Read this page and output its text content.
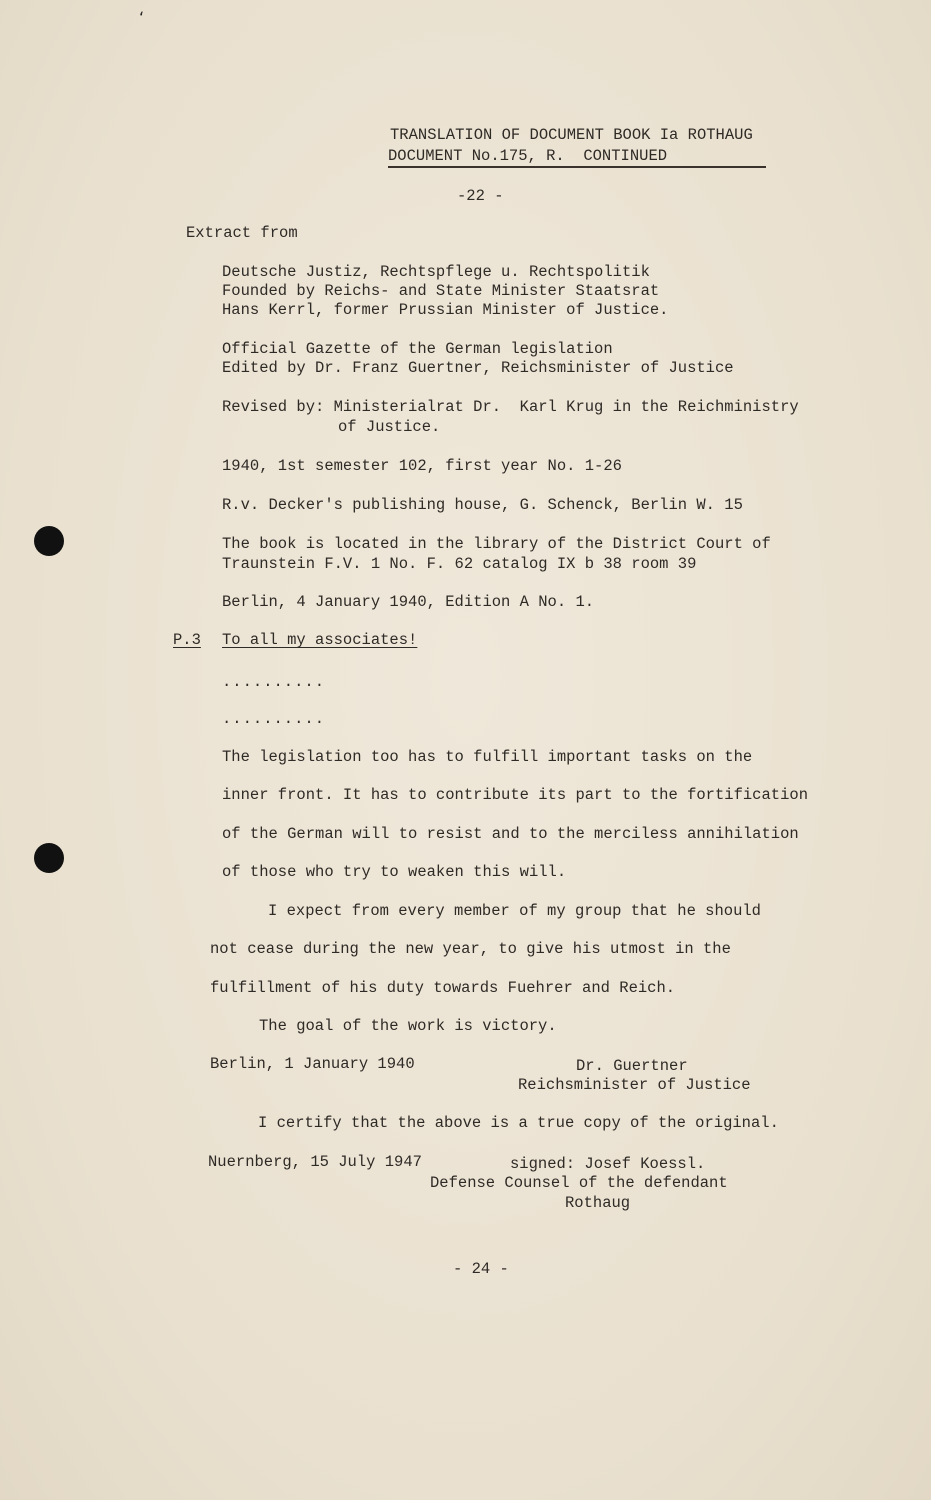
‘
TRANSLATION OF DOCUMENT BOOK Ia ROTHAUG
DOCUMENT No.175, R.  CONTINUED
-22 -
Extract from
Deutsche Justiz, Rechtspflege u. Rechtspolitik
Founded by Reichs- and State Minister Staatsrat
Hans Kerrl, former Prussian Minister of Justice.
Official Gazette of the German legislation
Edited by Dr. Franz Guertner, Reichsminister of Justice
Revised by: Ministerialrat Dr.  Karl Krug in the Reichministry
of Justice.
1940, 1st semester 102, first year No. 1-26
R.v. Decker's publishing house, G. Schenck, Berlin W. 15
The book is located in the library of the District Court of
Traunstein F.V. 1 No. F. 62 catalog IX b 38 room 39
Berlin, 4 January 1940, Edition A No. 1.
P.3 To all my associates!
..........
..........
The legislation too has to fulfill important tasks on the
inner front. It has to contribute its part to the fortification
of the German will to resist and to the merciless annihilation
of those who try to weaken this will.
I expect from every member of my group that he should
not cease during the new year, to give his utmost in the
fulfillment of his duty towards Fuehrer and Reich.
The goal of the work is victory.
Berlin, 1 January 1940	Dr. Guertner
Reichsminister of Justice
I certify that the above is a true copy of the original.
Nuernberg, 15 July 1947	signed: Josef Koessl.
Defense Counsel of the defendant
Rothaug
- 24 -
